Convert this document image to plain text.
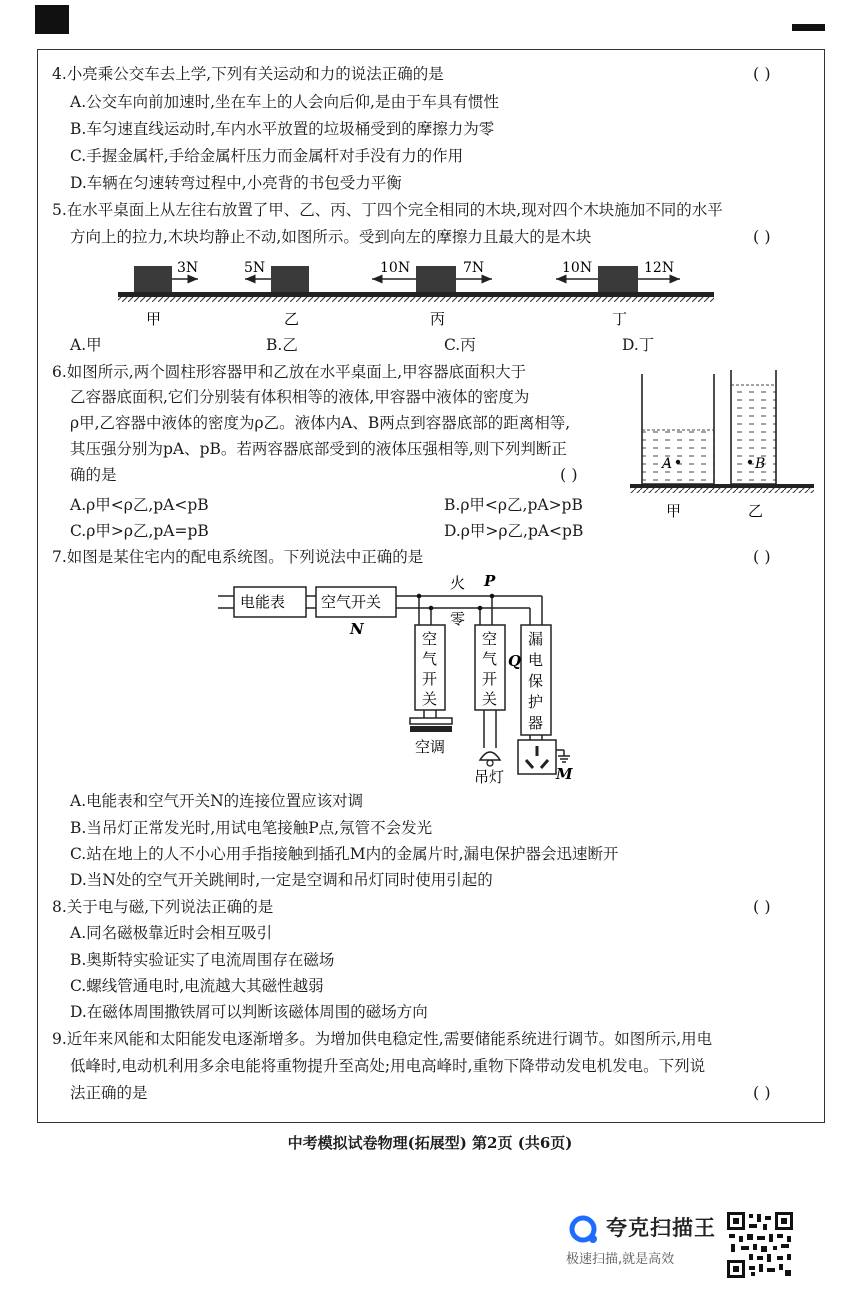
4.小亮乘公交车去上学,下列有关运动和力的说法正确的是	( )
A.公交车向前加速时,坐在车上的人会向后仰,是由于车具有惯性
B.车匀速直线运动时,车内水平放置的垃圾桶受到的摩擦力为零
C.手握金属杆,手给金属杆压力而金属杆对手没有力的作用
D.车辆在匀速转弯过程中,小亮背的书包受力平衡
5.在水平桌面上从左往右放置了甲、乙、丙、丁四个完全相同的木块,现对四个木块施加不同的水平
方向上的拉力,木块均静止不动,如图所示。受到向左的摩擦力且最大的是木块	( )
3N
甲
5N
乙
10N	7N
丙
10N	12N
丁
A.甲	B.乙	C.丙	D.丁
6.如图所示,两个圆柱形容器甲和乙放在水平桌面上,甲容器底面积大于
乙容器底面积,它们分别装有体积相等的液体,甲容器中液体的密度为
ρ甲,乙容器中液体的密度为ρ乙。液体内A、B两点到容器底部的距离相等,
其压强分别为pA、pB。若两容器底部受到的液体压强相等,则下列判断正
确的是	( )
A.ρ甲<ρ乙,pA<pB	B.ρ甲<ρ乙,pA>pB
C.ρ甲>ρ乙,pA=pB	D.ρ甲>ρ乙,pA<pB
A	B
甲	乙
7.如图是某住宅内的配电系统图。下列说法中正确的是	( )
电能表 空气开关
N
火 P
零
Q
空
气
开
关
空
气
开
关
漏
电
保
护
器
空调
吊灯	M
A.电能表和空气开关N的连接位置应该对调
B.当吊灯正常发光时,用试电笔接触P点,氖管不会发光
C.站在地上的人不小心用手指接触到插孔M内的金属片时,漏电保护器会迅速断开
D.当N处的空气开关跳闸时,一定是空调和吊灯同时使用引起的
8.关于电与磁,下列说法正确的是	( )
A.同名磁极靠近时会相互吸引
B.奥斯特实验证实了电流周围存在磁场
C.螺线管通电时,电流越大其磁性越弱
D.在磁体周围撒铁屑可以判断该磁体周围的磁场方向
9.近年来风能和太阳能发电逐渐增多。为增加供电稳定性,需要储能系统进行调节。如图所示,用电
低峰时,电动机利用多余电能将重物提升至高处;用电高峰时,重物下降带动发电机发电。下列说
法正确的是	( )
中考模拟试卷物理(拓展型) 第2页 (共6页)
夸克扫描王
极速扫描,就是高效
